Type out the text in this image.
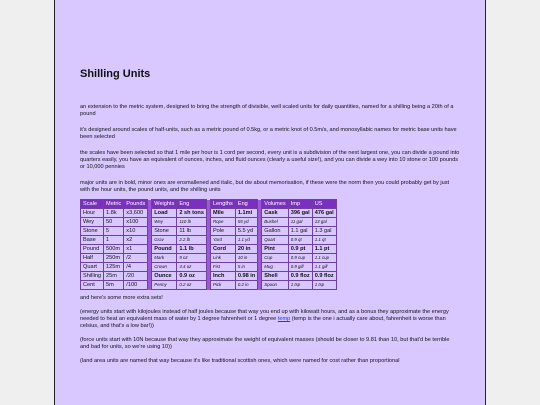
Shilling Units

an extension to the metric system, designed to bring the strength of divisible, well scaled units for daily quantities, named for a shilling being a 20th of a pound

it's designed around scales of half-units, such as a metric pound of 0.5kg, or a metric knot of 0.5m/s, and monosyllabic names for metric base units have been selected

the scales have been selected so that 1 mile per hour is 1 cord per second, every unit is a subdivision of the next largest one, you can divide a pound into quarters easily, you have an equivalent of ounces, inches, and fluid ounces (clearly a useful size!), and you can divide a wey into 10 stone or 100 pounds or 10,000 pennies

major units are in bold, minor ones are ensmallened and italic, but dw about memorisation, if these were the norm then you could probably get by just with the hour units, the pound units, and the shilling units

Scale	Metric	Pounds		Weights	Eng		Lengths	Eng		Volumes	Imp	US
Hour	1.8k	x3,600		Load	2 sh tons		Mile	1.1mi		Cask	396 gal	476 gal
Wey	50	x100		Wey	110 lb		Rope	55 yd		Bushel	11 gal	13 gal
Stone	5	x10		Stone	11 lb		Pole	5.5 yd		Gallon	1.1 gal	1.3 gal
Base	1	x2		Grav	2.2 lb		Yard	1.1 yd		Quart	0.9 qt	1.1 qt
Pound	500m	x1		Pound	1.1 lb		Cord	20 in		Pint	0.9 pt	1.1 pt
Half	250m	/2		Mark	9 oz		Link	10 in		Cup	0.9 cup	1.1 cup
Quart	125m	/4		Crown	4.4 oz		Fist	5 in		Mug	0.9 gill	1.1 gill
Shilling	25m	/20		Ounce	0.9 oz		Inch	0.98 in		Shell	0.9 floz	0.9 floz
Cent	5m	/100		Penny	0.2 oz		Pick	0.2 in		Spoon	1 tsp	1 tsp

and here's some more extra sets!

(energy units start with kilojoules instead of half joules because that way you end up with kilowatt hours, and as a bonus they approximate the energy needed to heat an equivalent mass of water by 1 degree fahrenheit or 1 degree temp (temp is the one i actually care about, fahrenheit is worse than celsius, and that's a low bar!))

(force units start with 10N because that way they approximate the weight of equivalent masses (should be closer to 9.81 than 10, but that'd be terrible and bad for units, so we're using 10))

(land area units are named that way because it's like traditional scottish ones, which were named for cost rather than proportional
